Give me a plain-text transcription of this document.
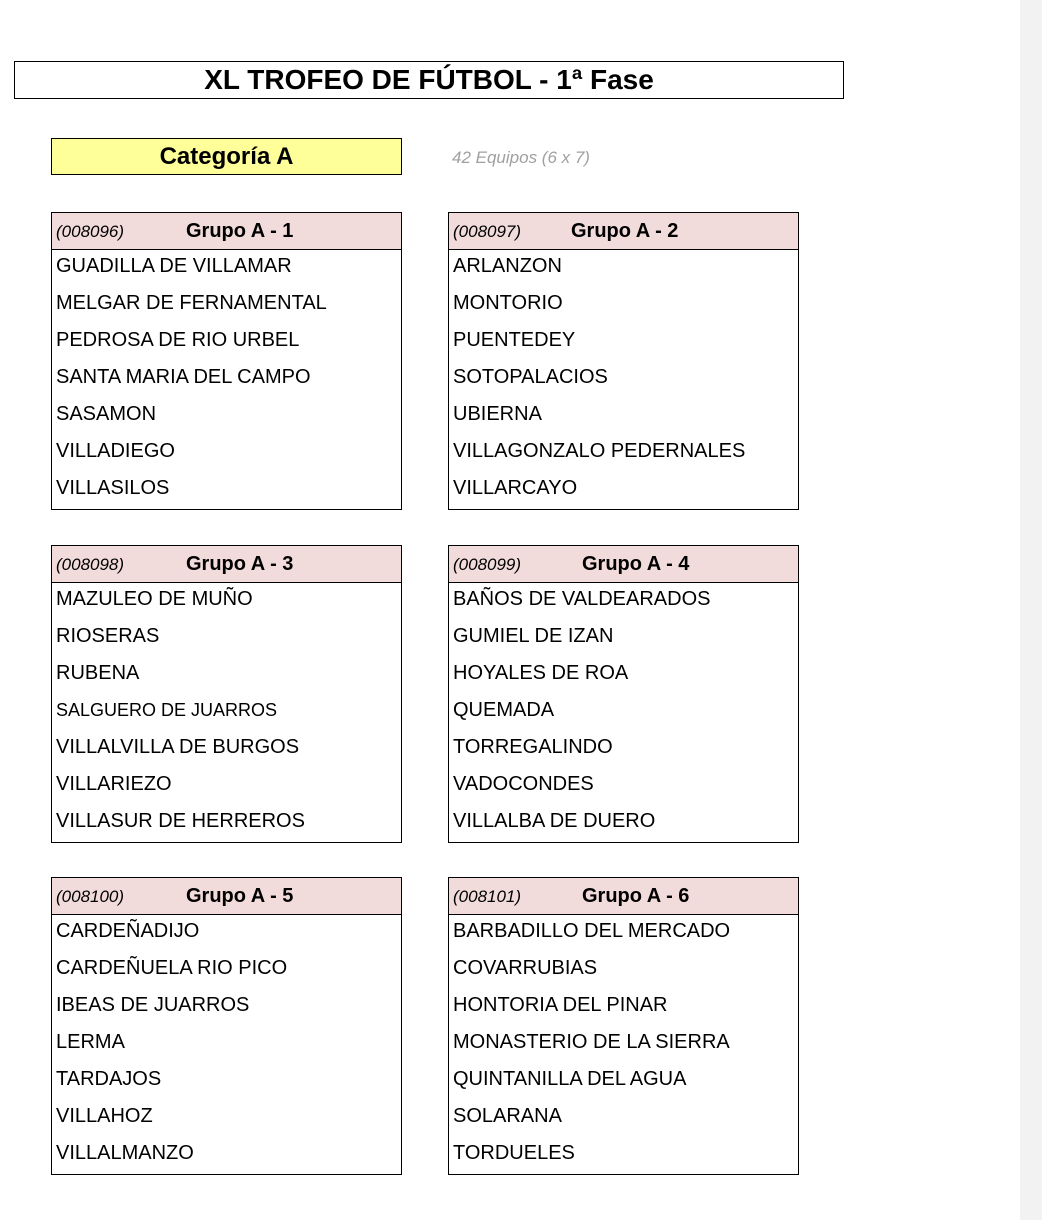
XL TROFEO DE FÚTBOL - 1ª Fase
Categoría A	42 Equipos (6 x 7)
(008096)	Grupo A - 1
GUADILLA DE VILLAMAR
MELGAR DE FERNAMENTAL
PEDROSA DE RIO URBEL
SANTA MARIA DEL CAMPO
SASAMON
VILLADIEGO
VILLASILOS
(008097) Grupo A - 2
ARLANZON
MONTORIO
PUENTEDEY
SOTOPALACIOS
UBIERNA
VILLAGONZALO PEDERNALES
VILLARCAYO
(008098)	Grupo A - 3
MAZULEO DE MUÑO
RIOSERAS
RUBENA
SALGUERO DE JUARROS
VILLALVILLA DE BURGOS
VILLARIEZO
VILLASUR DE HERREROS
(008099)	Grupo A - 4
BAÑOS DE VALDEARADOS
GUMIEL DE IZAN
HOYALES DE ROA
QUEMADA
TORREGALINDO
VADOCONDES
VILLALBA DE DUERO
(008100)	Grupo A - 5
CARDEÑADIJO
CARDEÑUELA RIO PICO
IBEAS DE JUARROS
LERMA
TARDAJOS
VILLAHOZ
VILLALMANZO
(008101)	Grupo A - 6
BARBADILLO DEL MERCADO
COVARRUBIAS
HONTORIA DEL PINAR
MONASTERIO DE LA SIERRA
QUINTANILLA DEL AGUA
SOLARANA
TORDUELES
